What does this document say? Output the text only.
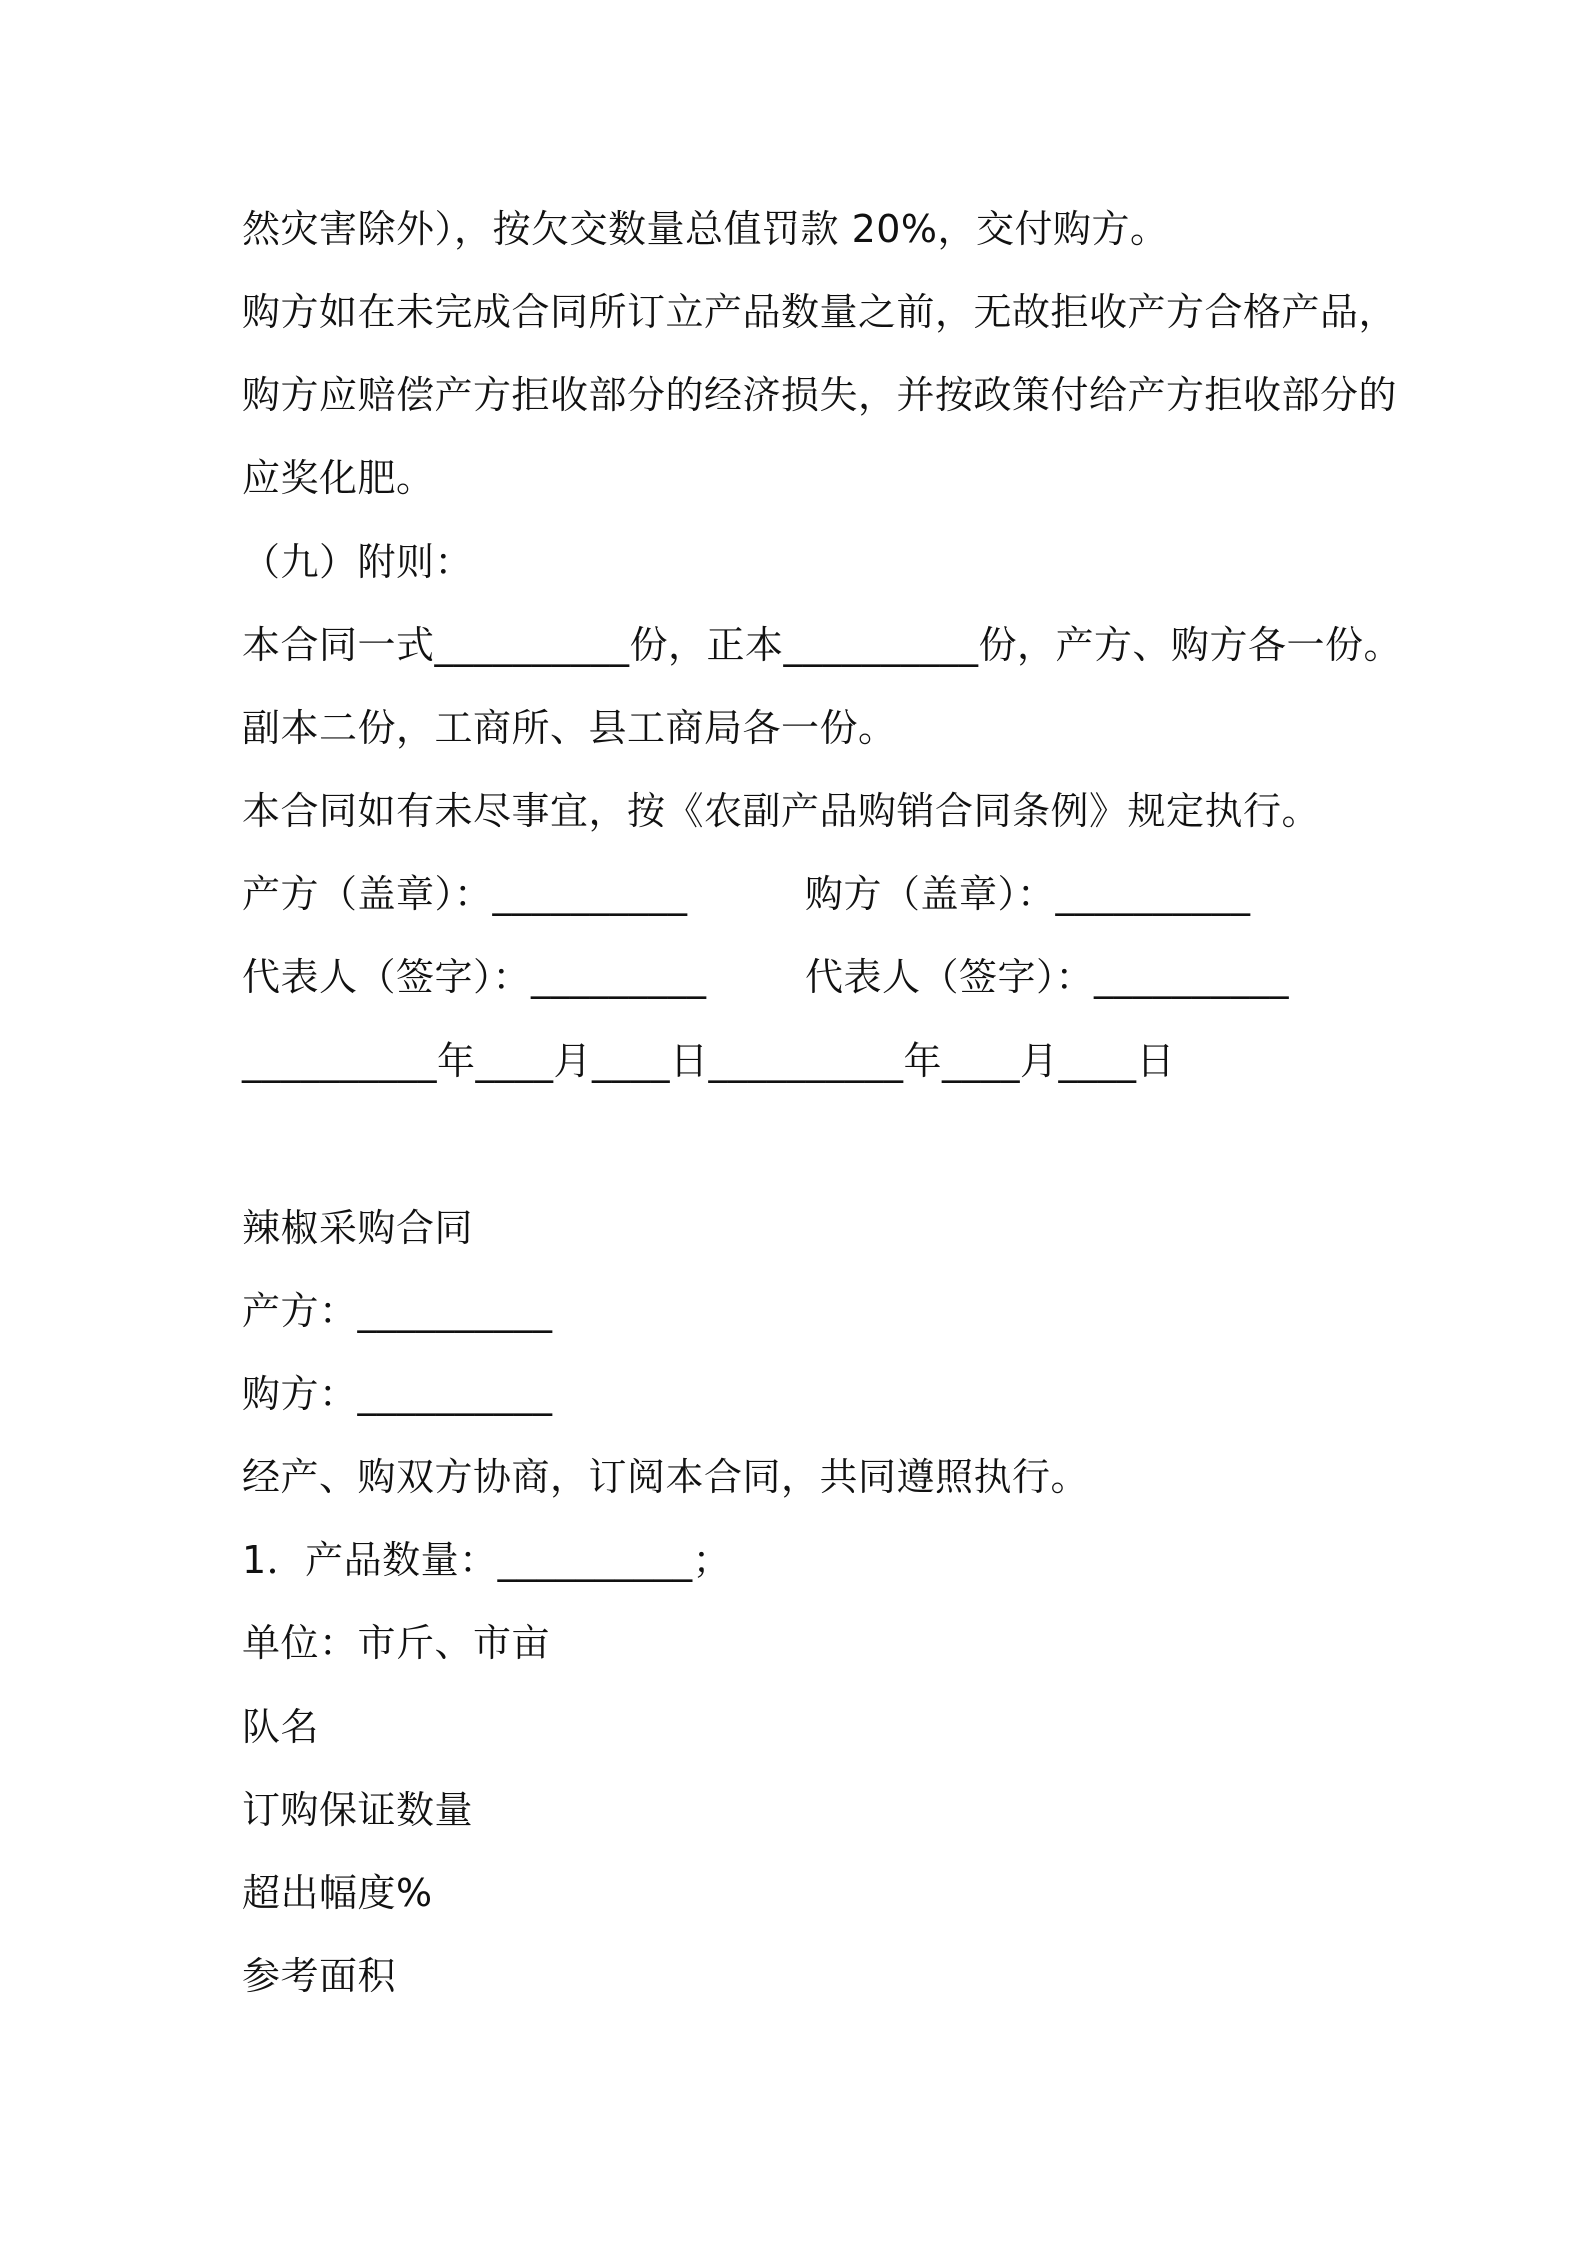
然灾害除外），按欠交数量总值罚款 20%，交付购方。
购方如在未完成合同所订立产品数量之前，无故拒收产方合格产品，
购方应赔偿产方拒收部分的经济损失，并按政策付给产方拒收部分的
应奖化肥。
（九）附则：
本合同一式__________份，正本__________份，产方、购方各一份。
副本二份，工商所、县工商局各一份。
本合同如有未尽事宜，按《农副产品购销合同条例》规定执行。
产方（盖章）：__________	购方（盖章）：__________
代表人（签字）：_________	代表人（签字）：__________
__________年____月____日__________年____月____日
辣椒采购合同
产方：__________
购方：__________
经产、购双方协商，订阅本合同，共同遵照执行。
1．产品数量：__________；
单位：市斤、市亩
队名
订购保证数量
超出幅度%
参考面积
